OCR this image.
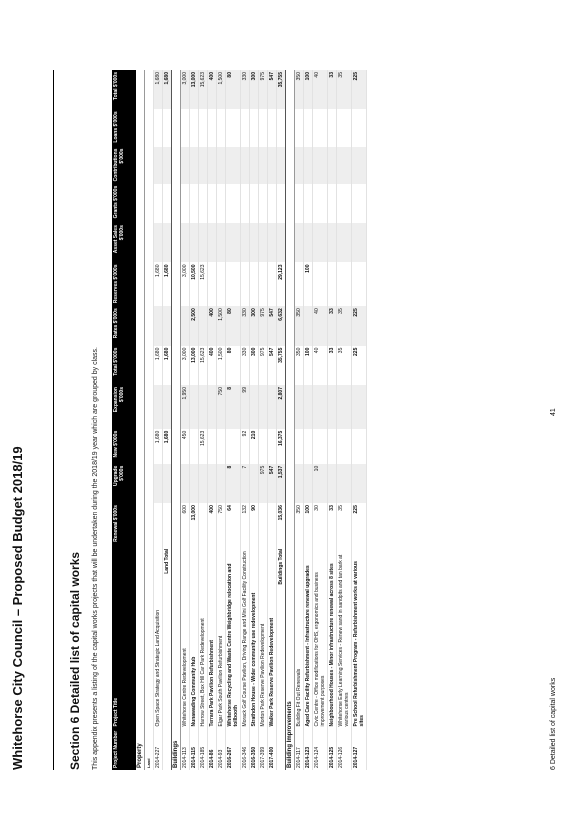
Whitehorse City Council – Proposed Budget 2018/19	Section 6 Detailed list of capital works This appendix presents a listing of the capital works projects that will be undertaken during the 2018/19 year which are grouped by class.	Project Number	Project Title	Renewal $'000s	Upgrade $'000s	New $'000s	Expansion $'000s	Total $'000s	Rates $'000s	Reserves $'000s	Asset Sales $'000s	Grants $'000s	Contributions $'000s	Loans $'000s	Total $'000s
Property													
Land													
2014-227	Open Space Strategy and Strategic Land Acquisition			1,680		1,680		1,680					1,680
	Land Total			1,680		1,680		1,680					1,680
Buildings													
2014-113	Whitehorse Centre Redevelopment	600		450	1,950	3,000		3,000					3,000
2014-115	Nunawading Community Hub	13,000				13,000	2,500	10,500					13,000
2014-185	Harrow Street, Box Hill Car Park Redevelopment			15,623		15,623		15,623					15,623
2014-86	Terrara Park Pavilion Refurbishment	400				400	400						400
2014-93	Elgar Park South Pavilion Refurbishment	750			750	1,500	1,500						1,500
2016-267	Whitehorse Recycling and Waste Centre Weighbridge relocation and tollbooth	64	8		8	80	80						80
2016-346	Morack Golf Course Pavilion, Driving Range and Mini Golf Facility Construction	132	7	92	99	330	330						330
2016-350	Strathdon House - Wider community use redevelopment	90		210		300	300						300
2017-399	Morton Park Reserve Pavilion Redevelopment		975			975	975						975
2017-400	Walker Park Reserve Pavilion Redevelopment		547			547	547						547
	Buildings Total	15,036	1,537	16,375	2,807	35,755	6,632	29,123					35,755
Building Improvements													
2014-117	Building Fit Out Renewals	350				350	350						350
2014-123	Aged Care Facility Refurbishment - Infrastructure renewal upgrades	100				100		100					100
2014-124	Civic Centre - Office modifications for OHS, ergonomics and business improvement purposes	30	10			40	40						40
2014-125	Neighbourhood Houses - Minor infrastructure renewal across 8 sites	33				33	33						33
2014-126	Whitehorse Early Learning Services - Renew sand in sandpits and tan bark at various centres	35				35	35						35
2014-127	Pre School Refurbishment Program - Refurbishment works at various sites	225				225	225						225
6 Detailed list of capital works
41
